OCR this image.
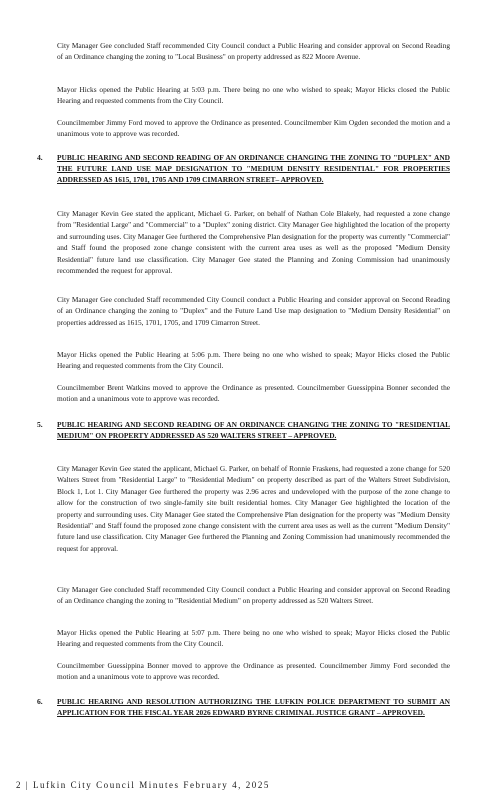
City Manager Gee concluded Staff recommended City Council conduct a Public Hearing and consider approval on Second Reading of an Ordinance changing the zoning to "Local Business" on property addressed as 822 Moore Avenue.

Mayor Hicks opened the Public Hearing at 5:03 p.m. There being no one who wished to speak; Mayor Hicks closed the Public Hearing and requested comments from the City Council.

Councilmember Jimmy Ford moved to approve the Ordinance as presented. Councilmember Kim Ogden seconded the motion and a unanimous vote to approve was recorded.

4. PUBLIC HEARING AND SECOND READING OF AN ORDINANCE CHANGING THE ZONING TO "DUPLEX" AND THE FUTURE LAND USE MAP DESIGNATION TO "MEDIUM DENSITY RESIDENTIAL" FOR PROPERTIES ADDRESSED AS 1615, 1701, 1705 AND 1709 CIMARRON STREET– APPROVED.

City Manager Kevin Gee stated the applicant, Michael G. Parker, on behalf of Nathan Cole Blakely, had requested a zone change from "Residential Large" and "Commercial" to a "Duplex" zoning district. City Manager Gee highlighted the location of the property and surrounding uses. City Manager Gee furthered the Comprehensive Plan designation for the property was currently "Commercial" and Staff found the proposed zone change consistent with the current area uses as well as the proposed "Medium Density Residential" future land use classification. City Manager Gee stated the Planning and Zoning Commission had unanimously recommended the request for approval.

City Manager Gee concluded Staff recommended City Council conduct a Public Hearing and consider approval on Second Reading of an Ordinance changing the zoning to "Duplex" and the Future Land Use map designation to "Medium Density Residential" on properties addressed as 1615, 1701, 1705, and 1709 Cimarron Street.

Mayor Hicks opened the Public Hearing at 5:06 p.m. There being no one who wished to speak; Mayor Hicks closed the Public Hearing and requested comments from the City Council.

Councilmember Brent Watkins moved to approve the Ordinance as presented. Councilmember Guessippina Bonner seconded the motion and a unanimous vote to approve was recorded.

5. PUBLIC HEARING AND SECOND READING OF AN ORDINANCE CHANGING THE ZONING TO "RESIDENTIAL MEDIUM" ON PROPERTY ADDRESSED AS 520 WALTERS STREET – APPROVED.

City Manager Kevin Gee stated the applicant, Michael G. Parker, on behalf of Ronnie Fraskens, had requested a zone change for 520 Walters Street from "Residential Large" to "Residential Medium" on property described as part of the Walters Street Subdivision, Block 1, Lot 1. City Manager Gee furthered the property was 2.96 acres and undeveloped with the purpose of the zone change to allow for the construction of two single-family site built residential homes. City Manager Gee highlighted the location of the property and surrounding uses. City Manager Gee stated the Comprehensive Plan designation for the property was "Medium Density Residential" and Staff found the proposed zone change consistent with the current area uses as well as the current "Medium Density" future land use classification. City Manager Gee furthered the Planning and Zoning Commission had unanimously recommended the request for approval.

City Manager Gee concluded Staff recommended City Council conduct a Public Hearing and consider approval on Second Reading of an Ordinance changing the zoning to "Residential Medium" on property addressed as 520 Walters Street.

Mayor Hicks opened the Public Hearing at 5:07 p.m. There being no one who wished to speak; Mayor Hicks closed the Public Hearing and requested comments from the City Council.

Councilmember Guessippina Bonner moved to approve the Ordinance as presented. Councilmember Jimmy Ford seconded the motion and a unanimous vote to approve was recorded.

6. PUBLIC HEARING AND RESOLUTION AUTHORIZING THE LUFKIN POLICE DEPARTMENT TO SUBMIT AN APPLICATION FOR THE FISCAL YEAR 2026 EDWARD BYRNE CRIMINAL JUSTICE GRANT – APPROVED.
2 | Lufkin City Council Minutes February 4, 2025
